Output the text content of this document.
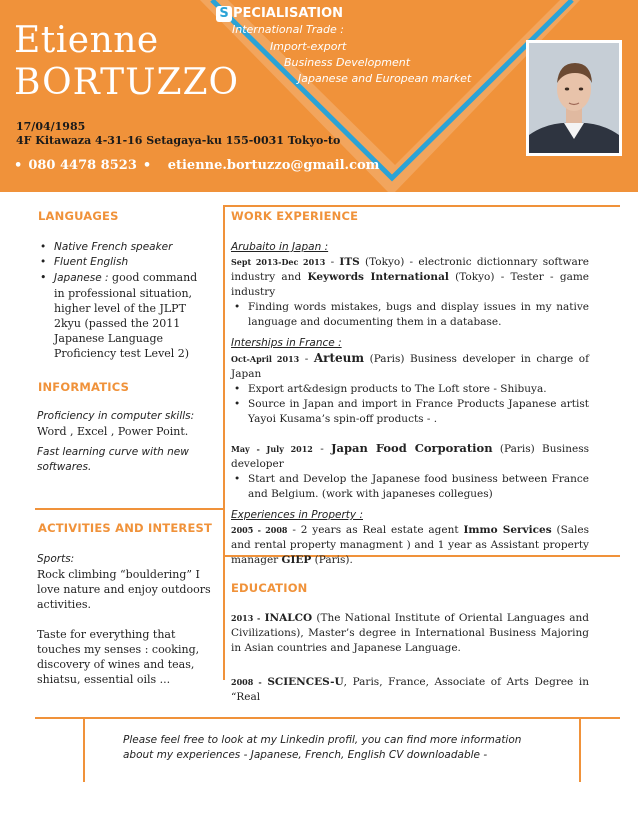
Etienne
BORTUZZO
S PECIALISATION
International Trade :
Import-export
Business Development
Japanese and European market
17/04/1985
4F Kitawaza 4-31-16 Setagaya-ku 155-0031 Tokyo-to
• 080 4478 8523 • etienne.bortuzzo@gmail.com
LANGUAGES
• Native French speaker
• Fluent English
• Japanese : good command in professional situation, higher level of the JLPT 2kyu (passed the 2011 Japanese Language Proficiency test Level 2)
INFORMATICS
Proficiency in computer skills:
Word , Excel , Power Point.
Fast learning curve with new softwares.
ACTIVITIES AND INTEREST
Sports:
Rock climbing “bouldering” I love nature and enjoy outdoors activities.
Taste for everything that touches my senses : cooking, discovery of wines and teas, shiatsu, essential oils ...
WORK EXPERIENCE
Arubaito in Japan :
Sept 2013-Dec 2013 - ITS (Tokyo) - electronic dictionnary software industry and Keywords International (Tokyo) - Tester - game industry
• Finding words mistakes, bugs and display issues in my native language and documenting them in a database.
Interships in France :
Oct-April 2013 - Arteum (Paris) Business developer in charge of Japan
• Export art&design products to The Loft store - Shibuya.
• Source in Japan and import in France Products Japanese artist Yayoi Kusama’s spin-off products - .
May - July 2012 - Japan Food Corporation (Paris) Business developer
• Start and Develop the Japanese food business between France and Belgium. (work with japaneses collegues)
Experiences in Property :
2005 - 2008 - 2 years as Real estate agent Immo Services (Sales and rental property managment ) and 1 year as Assistant property manager GIEP (Paris).
EDUCATION
2013 - INALCO (The National Institute of Oriental Languages and Civilizations), Master’s degree in International Business Majoring in Asian countries and Japanese Language.
2008 - SCIENCES-U, Paris, France, Associate of Arts Degree in “Real
Please feel free to look at my Linkedin profil, you can find more information
about my experiences - Japanese, French, English CV downloadable -
